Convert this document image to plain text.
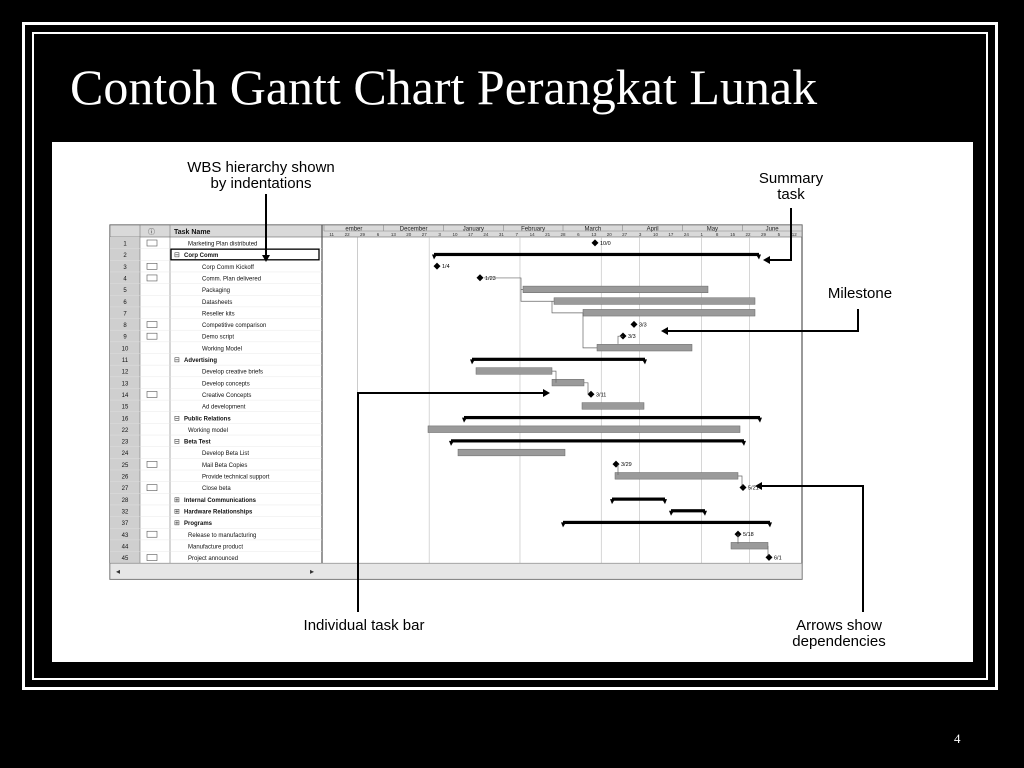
Contoh Gantt Chart Perangkat Lunak
WBS hierarchy shown
by indentations	Summary
task
Milestone
Individual task bar	Arrows show
dependencies
ⓘ	Task Name	ember	December	January	February	March	April	May	June
11 22 29	6	13 20 27	3	10 17 24 31	7	14 21 28	6	13 20 27	3	10 17 24	1	8	15 22 29	5	12
1	Marketing Plan distributed
2	⊟ Corp Comm
3	Corp Comm Kickoff
4	Comm. Plan delivered
5	Packaging
6	Datasheets
7	Reseller kits
8	Competitive comparison
9	Demo script
10	Working Model
11	⊟ Advertising
12	Develop creative briefs
13	Develop concepts
14	Creative Concepts
15	Ad development
16	⊟ Public Relations
22	Working model
23	⊟ Beta Test
24	Develop Beta List
25	Mail Beta Copies
26	Provide technical support
27	Close beta
28	⊞ Internal Communications
32	⊞ Hardware Relationships
37	⊞ Programs
43	Release to manufacturing
44	Manufacture product
45	Project announced
◂	▸
10/0
1/4
1/23
3/3
3/3
3/11
3/29
5/21
5/18
6/1
4
